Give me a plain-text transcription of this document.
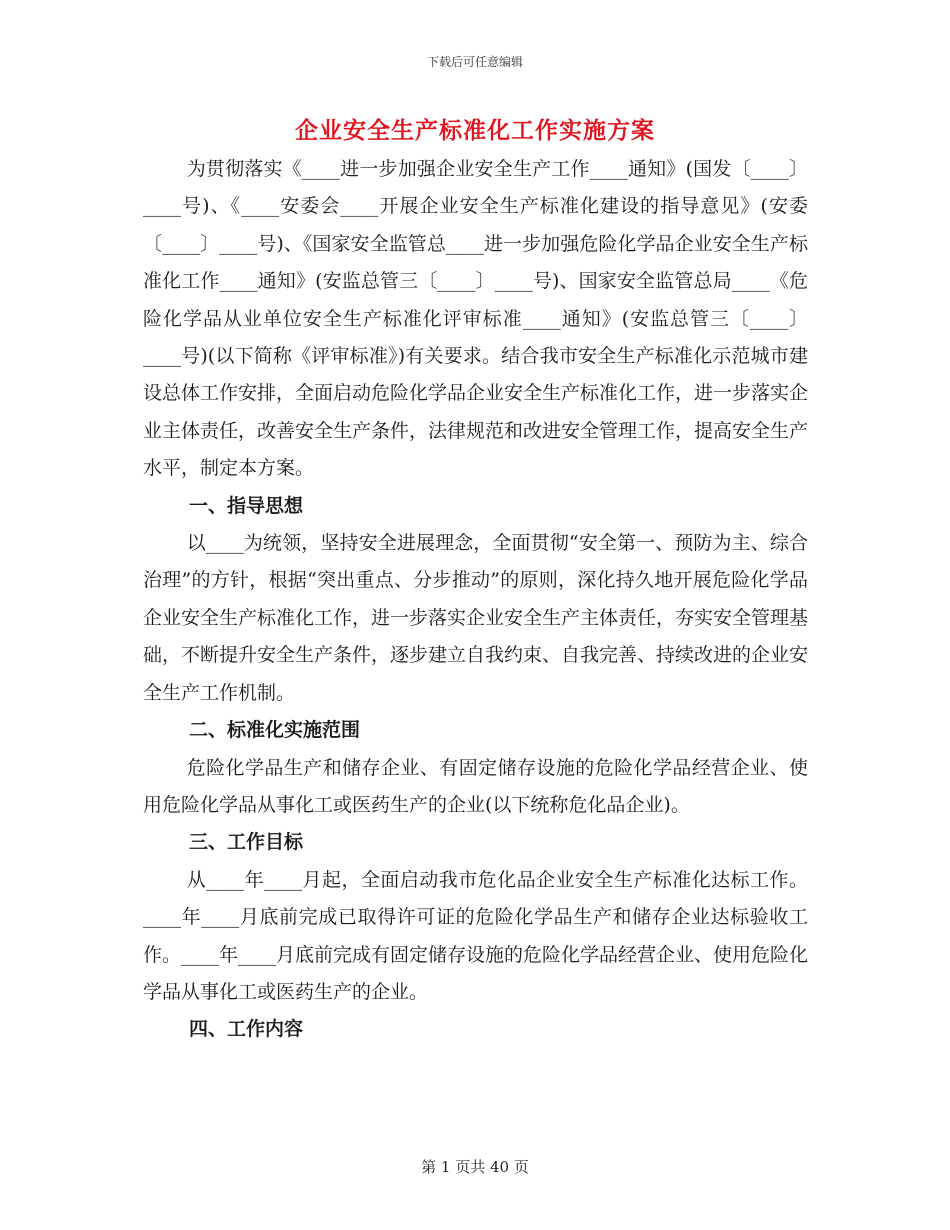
下载后可任意编辑
企业安全生产标准化工作实施方案

为贯彻落实《____进一步加强企业安全生产工作____通知》(国发〔____〕____号)、《____安委会____开展企业安全生产标准化建设的指导意见》(安委〔____〕____号)、《国家安全监管总____进一步加强危险化学品企业安全生产标准化工作____通知》(安监总管三〔____〕____号)、国家安全监管总局____《危险化学品从业单位安全生产标准化评审标准____通知》(安监总管三〔____〕____号)(以下简称《评审标准》)有关要求。结合我市安全生产标准化示范城市建设总体工作安排，全面启动危险化学品企业安全生产标准化工作，进一步落实企业主体责任，改善安全生产条件，法律规范和改进安全管理工作，提高安全生产水平，制定本方案。

一、指导思想

以____为统领，坚持安全进展理念，全面贯彻“安全第一、预防为主、综合治理”的方针，根据“突出重点、分步推动”的原则，深化持久地开展危险化学品企业安全生产标准化工作，进一步落实企业安全生产主体责任，夯实安全管理基础，不断提升安全生产条件，逐步建立自我约束、自我完善、持续改进的企业安全生产工作机制。

二、标准化实施范围

危险化学品生产和储存企业、有固定储存设施的危险化学品经营企业、使用危险化学品从事化工或医药生产的企业(以下统称危化品企业)。

三、工作目标

从____年____月起，全面启动我市危化品企业安全生产标准化达标工作。____年____月底前完成已取得许可证的危险化学品生产和储存企业达标验收工作。____年____月底前完成有固定储存设施的危险化学品经营企业、使用危险化学品从事化工或医药生产的企业。

四、工作内容

第 1 页共 40 页
